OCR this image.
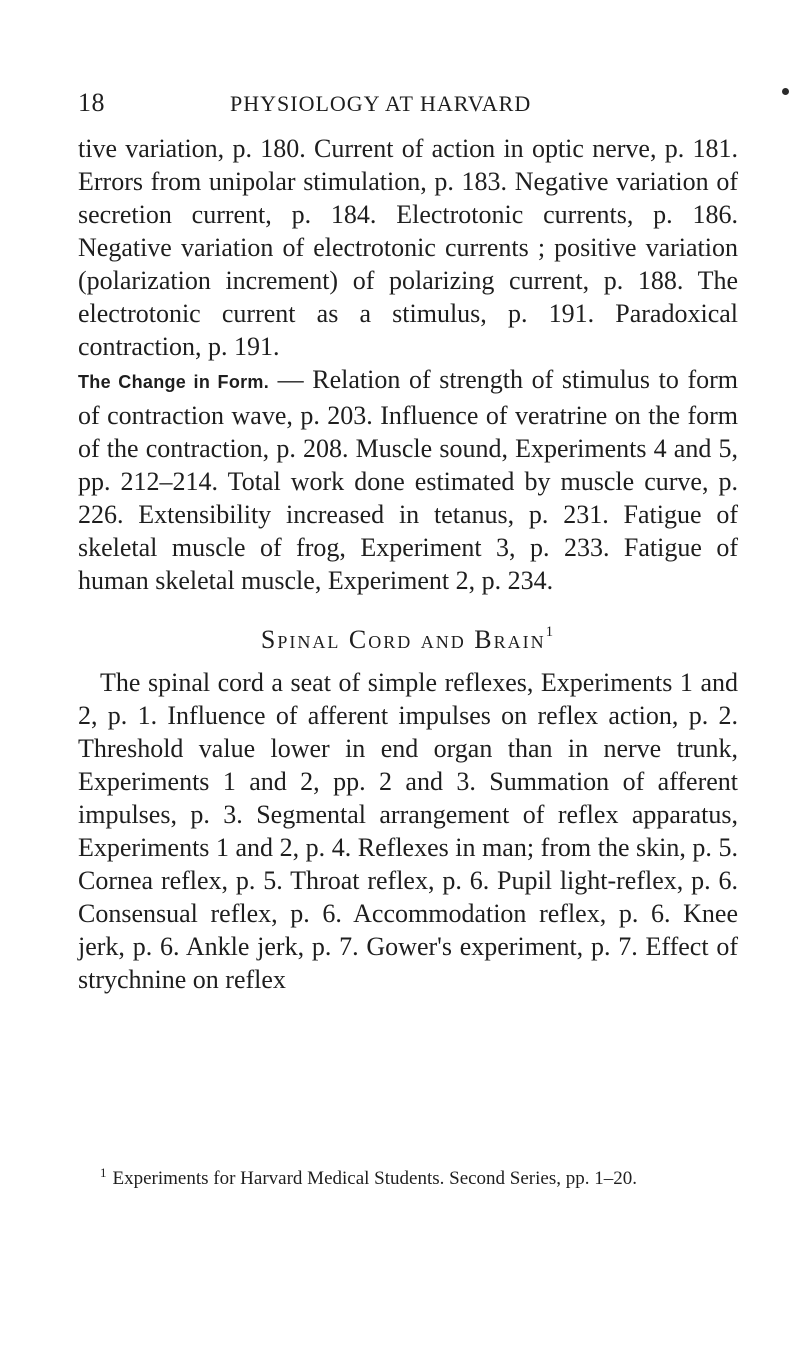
18	PHYSIOLOGY AT HARVARD

tive variation, p. 180. Current of action in optic nerve, p. 181. Errors from unipolar stimulation, p. 183. Negative variation of secretion current, p. 184. Electrotonic currents, p. 186. Negative variation of electrotonic currents ; positive variation (polarization increment) of polarizing current, p. 188. The electrotonic current as a stimulus, p. 191. Paradoxical contraction, p. 191.

The Change in Form. — Relation of strength of stimulus to form of contraction wave, p. 203. Influence of veratrine on the form of the contraction, p. 208. Muscle sound, Experiments 4 and 5, pp. 212–214. Total work done estimated by muscle curve, p. 226. Extensibility increased in tetanus, p. 231. Fatigue of skeletal muscle of frog, Experiment 3, p. 233. Fatigue of human skeletal muscle, Experiment 2, p. 234.

Spinal Cord and Brain$^1$

The spinal cord a seat of simple reflexes, Experiments 1 and 2, p. 1. Influence of afferent impulses on reflex action, p. 2. Threshold value lower in end organ than in nerve trunk, Experiments 1 and 2, pp. 2 and 3. Summation of afferent impulses, p. 3. Segmental arrangement of reflex apparatus, Experiments 1 and 2, p. 4. Reflexes in man; from the skin, p. 5. Cornea reflex, p. 5. Throat reflex, p. 6. Pupil light-reflex, p. 6. Consensual reflex, p. 6. Accommodation reflex, p. 6. Knee jerk, p. 6. Ankle jerk, p. 7. Gower's experiment, p. 7. Effect of strychnine on reflex

$^1$ Experiments for Harvard Medical Students. Second Series, pp. 1–20.
